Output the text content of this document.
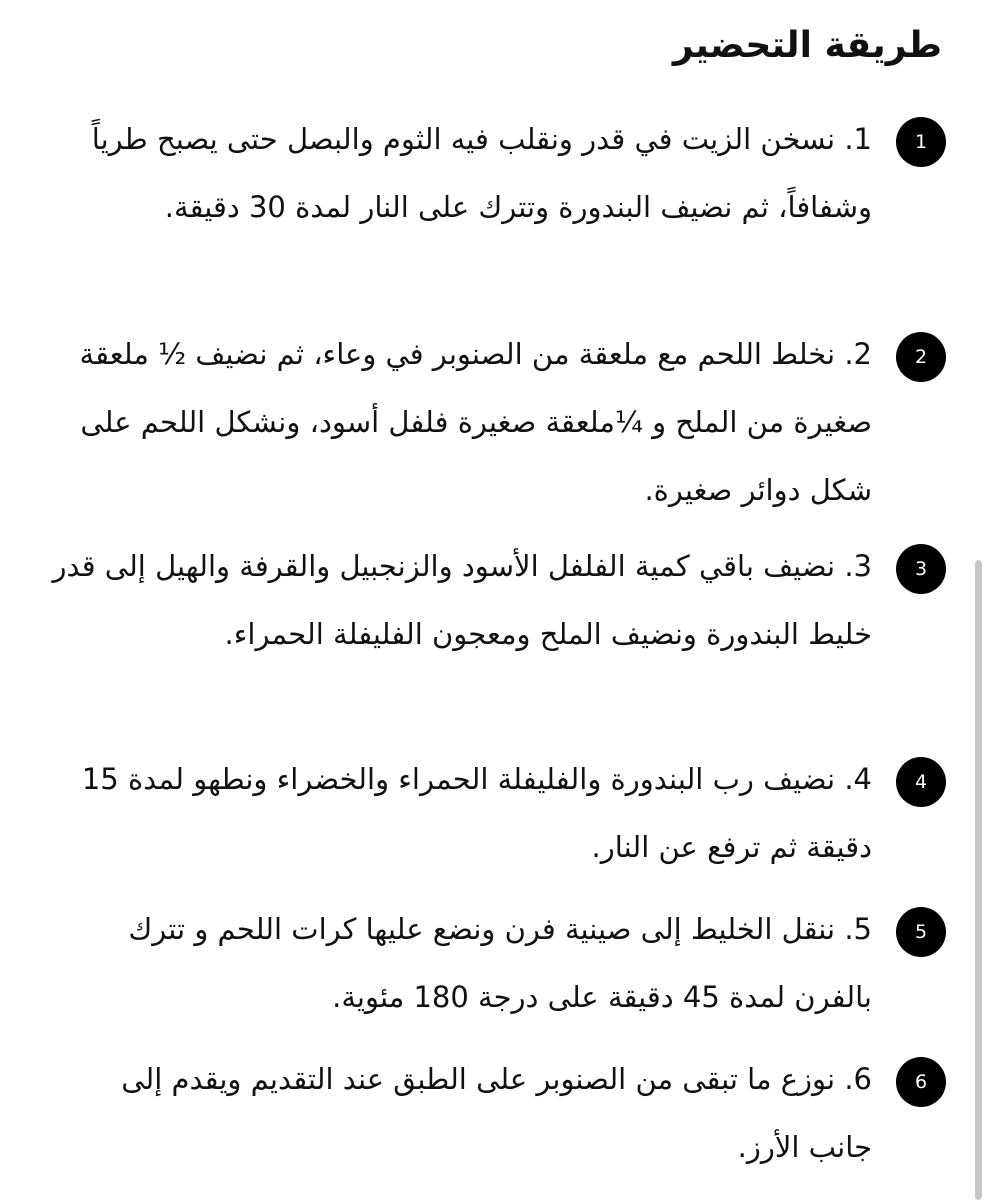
طريقة التحضير
1

1. نسخن الزيت في قدر ونقلب فيه الثوم والبصل حتى يصبح طرياً وشفافاً، ثم نضيف البندورة وتترك على النار لمدة 30 دقيقة.

2

2. نخلط اللحم مع ملعقة من الصنوبر في وعاء، ثم نضيف ½ ملعقة صغيرة من الملح و ¼ملعقة صغيرة فلفل أسود، ونشكل اللحم على شكل دوائر صغيرة.

3

3. نضيف باقي كمية الفلفل الأسود والزنجبيل والقرفة والهيل إلى قدر خليط البندورة ونضيف الملح ومعجون الفليفلة الحمراء.

4

4. نضيف رب البندورة والفليفلة الحمراء والخضراء ونطهو لمدة 15 دقيقة ثم ترفع عن النار.

5

5. ننقل الخليط إلى صينية فرن ونضع عليها كرات اللحم و تترك بالفرن لمدة 45 دقيقة على درجة 180 مئوية.

6

6. نوزع ما تبقى من الصنوبر على الطبق عند التقديم ويقدم إلى جانب الأرز.
